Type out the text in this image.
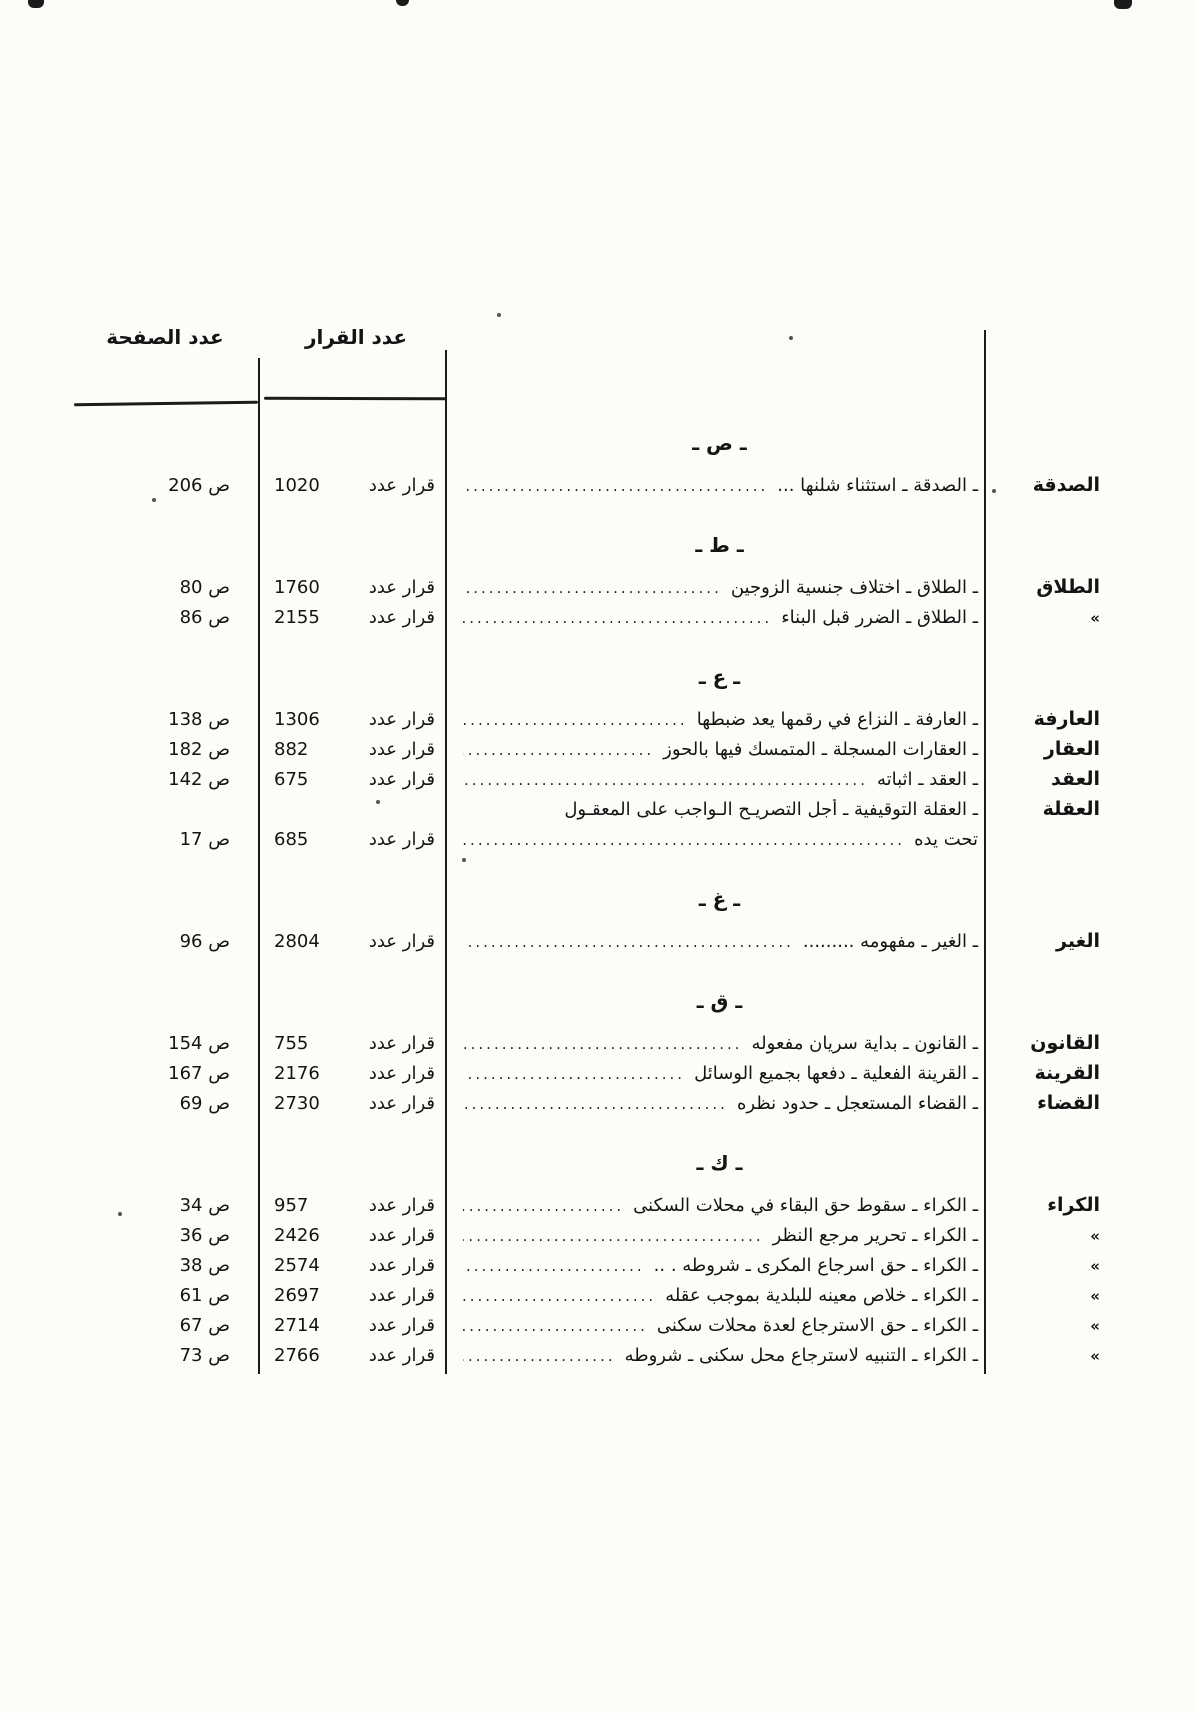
عدد الصفحة	عدد القرار
ـ ص ـ
الصدقة
ـ الصدقة ـ استثناء شلنها ...
.....
قرار عدد
1020
ص 206
ـ ط ـ
الطلاق
ـ الطلاق ـ اختلاف جنسية الزوجين
.....
قرار عدد
1760
ص 80
»
ـ الطلاق ـ الضرر قبل البناء
.....
قرار عدد
2155
ص 86
ـ ع ـ
العارفة
ـ العارفة ـ النزاع في رقمها يعد ضبطها
.....
قرار عدد
1306
ص 138
العقار
ـ العقارات المسجلة ـ المتمسك فيها بالحوز
.....
قرار عدد
882
ص 182
العقد
ـ العقد ـ اثباته
.....
قرار عدد
675
ص 142
العقلة
ـ العقلة التوقيفية ـ أجل التصريـح الـواجب على المعقـول
تحت يده
.....
قرار عدد
685
ص 17
ـ غ ـ
الغير
ـ الغير ـ مفهومه .........
.....
قرار عدد
2804
ص 96
ـ ق ـ
القانون
ـ القانون ـ بداية سريان مفعوله
.....
قرار عدد
755
ص 154
القرينة
ـ القرينة الفعلية ـ دفعها بجميع الوسائل
.....
قرار عدد
2176
ص 167
القضاء
ـ القضاء المستعجل ـ حدود نظره
.....
قرار عدد
2730
ص 69
ـ ك ـ
الكراء
ـ الكراء ـ سقوط حق البقاء في محلات السكنى
.....
قرار عدد
957
ص 34
»
ـ الكراء ـ تحرير مرجع النظر
.....
قرار عدد
2426
ص 36
»
ـ الكراء ـ حق اسرجاع المكرى ـ شروطه . ..
.....
قرار عدد
2574
ص 38
»
ـ الكراء ـ خلاص معينه للبلدية بموجب عقله
.....
قرار عدد
2697
ص 61
»
ـ الكراء ـ حق الاسترجاع لعدة محلات سكنى
.....
قرار عدد
2714
ص 67
»
ـ الكراء ـ التنبيه لاسترجاع محل سكنى ـ شروطه
.....
قرار عدد
2766
ص 73
